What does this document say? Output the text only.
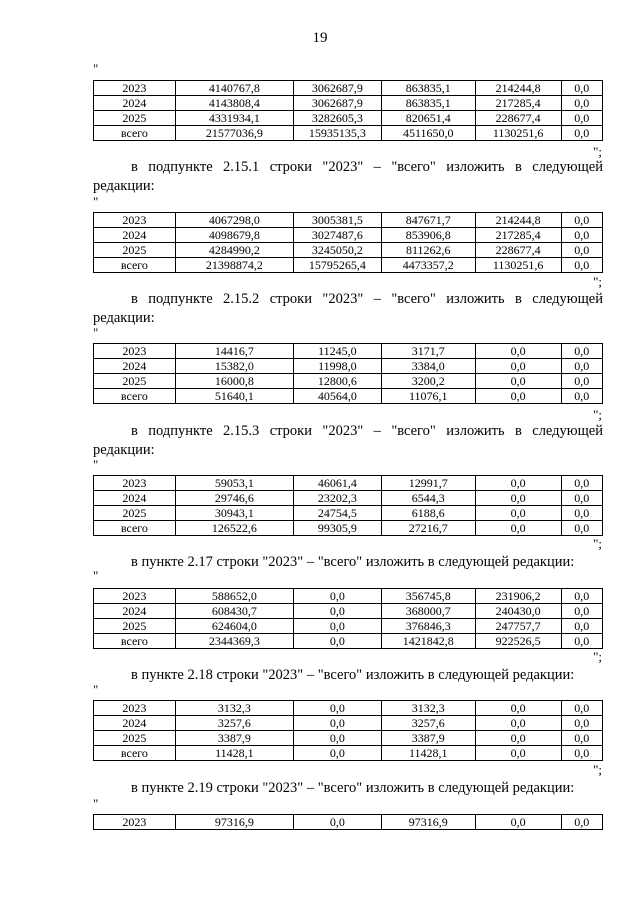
19
"
2023	4140767,8	3062687,9	863835,1	214244,8	0,0
2024	4143808,4	3062687,9	863835,1	217285,4	0,0
2025	4331934,1	3282605,3	820651,4	228677,4	0,0
всего	21577036,9	15935135,3	4511650,0	1130251,6	0,0
";
в подпункте 2.15.1 строки "2023" – "всего" изложить в следующей редакции:
"
2023	4067298,0	3005381,5	847671,7	214244,8	0,0
2024	4098679,8	3027487,6	853906,8	217285,4	0,0
2025	4284990,2	3245050,2	811262,6	228677,4	0,0
всего	21398874,2	15795265,4	4473357,2	1130251,6	0,0
";
в подпункте 2.15.2 строки "2023" – "всего" изложить в следующей редакции:
"
2023	14416,7	11245,0	3171,7	0,0	0,0
2024	15382,0	11998,0	3384,0	0,0	0,0
2025	16000,8	12800,6	3200,2	0,0	0,0
всего	51640,1	40564,0	11076,1	0,0	0,0
";
в подпункте 2.15.3 строки "2023" – "всего" изложить в следующей редакции:
"
2023	59053,1	46061,4	12991,7	0,0	0,0
2024	29746,6	23202,3	6544,3	0,0	0,0
2025	30943,1	24754,5	6188,6	0,0	0,0
всего	126522,6	99305,9	27216,7	0,0	0,0
";
в пункте 2.17 строки "2023" – "всего" изложить в следующей редакции:
"
2023	588652,0	0,0	356745,8	231906,2	0,0
2024	608430,7	0,0	368000,7	240430,0	0,0
2025	624604,0	0,0	376846,3	247757,7	0,0
всего	2344369,3	0,0	1421842,8	922526,5	0,0
";
в пункте 2.18 строки "2023" – "всего" изложить в следующей редакции:
"
2023	3132,3	0,0	3132,3	0,0	0,0
2024	3257,6	0,0	3257,6	0,0	0,0
2025	3387,9	0,0	3387,9	0,0	0,0
всего	11428,1	0,0	11428,1	0,0	0,0
";
в пункте 2.19 строки "2023" – "всего" изложить в следующей редакции:
"
2023	97316,9	0,0	97316,9	0,0	0,0
